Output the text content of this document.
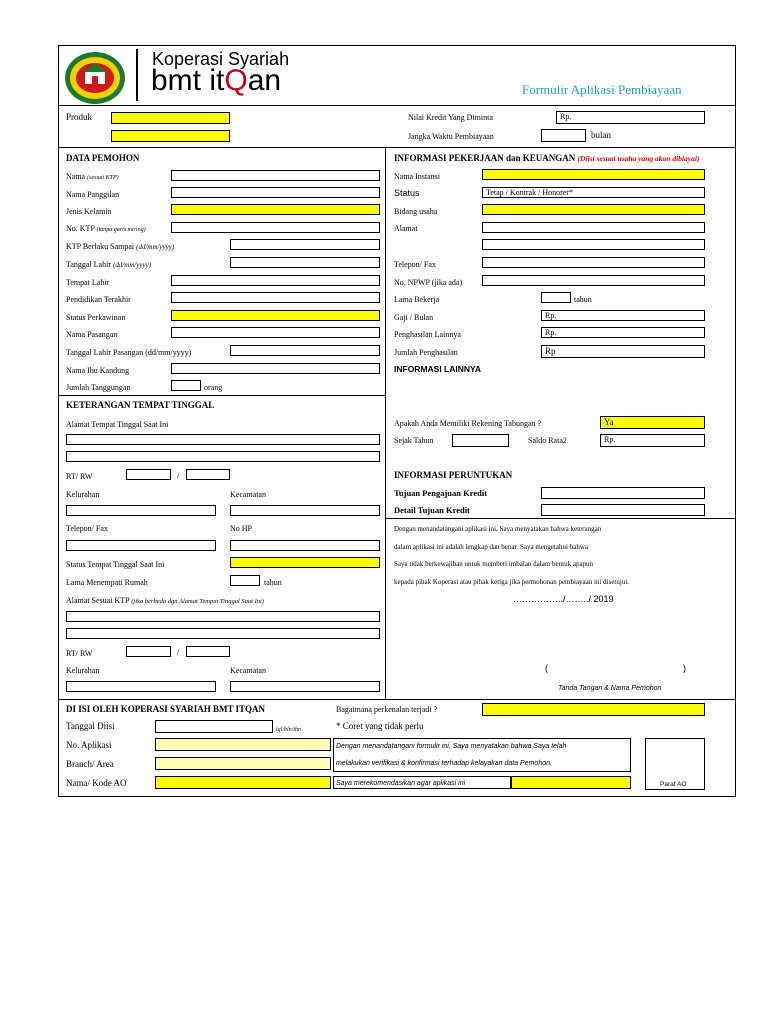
Koperasi Syariah
bmt itQan	Formulir Aplikasi Pembiayaan
Produk	Nilai Kredit Yang Diminta	Rp.
Jangka Waktu Pembiayaan	bulan
DATA PEMOHON
Nama (sesuai KTP)
Nama Panggilan
Jenis Kelamin
No. KTP (tanpa garis miring)
KTP Berlaku Sampai (dd/mm/yyyy)
Tanggal Lahir (dd/mm/yyyy)
Tempat Lahir
Pendidikan Terakhir
Status Perkawinan
Nama Pasangan
Tanggal Lahir Pasangan (dd/mm/yyyy)
Nama Ibu Kandung
Jumlah Tanggungan	orang
KETERANGAN TEMPAT TINGGAL
Alamat Tempat Tinggal Saat Ini
RT/ RW	/
Kelurahan	Kecamatan
Telepon/ Fax	No HP
Status Tempat Tinggal Saat Ini
Lama Menempati Rumah	tahun
Alamat Sesuai KTP (jika berbeda dgn Alamat Tempat Tinggal Saat Ini)
RT/ RW	/
Kelurahan	Kecamatan
INFORMASI PEKERJAAN dan KEUANGAN (Diisi sesuai usaha yang akan dibiayai)
Nama Instansi
Status	Tetap / Kontrak / Honorer*
Bidang usaha
Alamat
Telepon/ Fax
No. NPWP (jika ada)
Lama Bekerja	tahun
Gaji / Bulan	Rp.
Penghasilan Lainnya	Rp.
Jumlah Penghasilan	Rp
INFORMASI LAINNYA
Apakah Anda Memiliki Rekening Tabungan ?	Ya
Sejak Tahun	Saldo Rata2	Rp.
INFORMASI PERUNTUKAN
Tujuan Pengajuan Kredit
Detail Tujuan Kredit
Dengan menandatangani aplikasi ini, Saya menyatakan bahwa keterangan
dalam aplikasi ini adalah lengkap dan benar. Saya mengetahui bahwa
Saya tidak berkewajiban untuk memberi imbalan dalam bentuk apapun
kepada pihak Koperasi atau pihak ketiga jika permohonan pembiayaan ini disetujui.
……………../……../ 2019
(	)
Tanda Tangan & Nama Pemohon
DI ISI OLEH KOPERASI SYARIAH BMT ITQAN	Bagaimana perkenalan terjadi ?
Tanggal Diisi	tgl/bln/thn	* Coret yang tidak perlu
No. Aplikasi
Branch/ Area
Nama/ Kode AO
Dengan menandatangani formulir ini, Saya menyatakan bahwa Saya telah
melakukan verifikasi & konfirmasi terhadap kelayakan data Pemohon.
Saya merekomendasikan agar aplikasi ini	Paraf AO
